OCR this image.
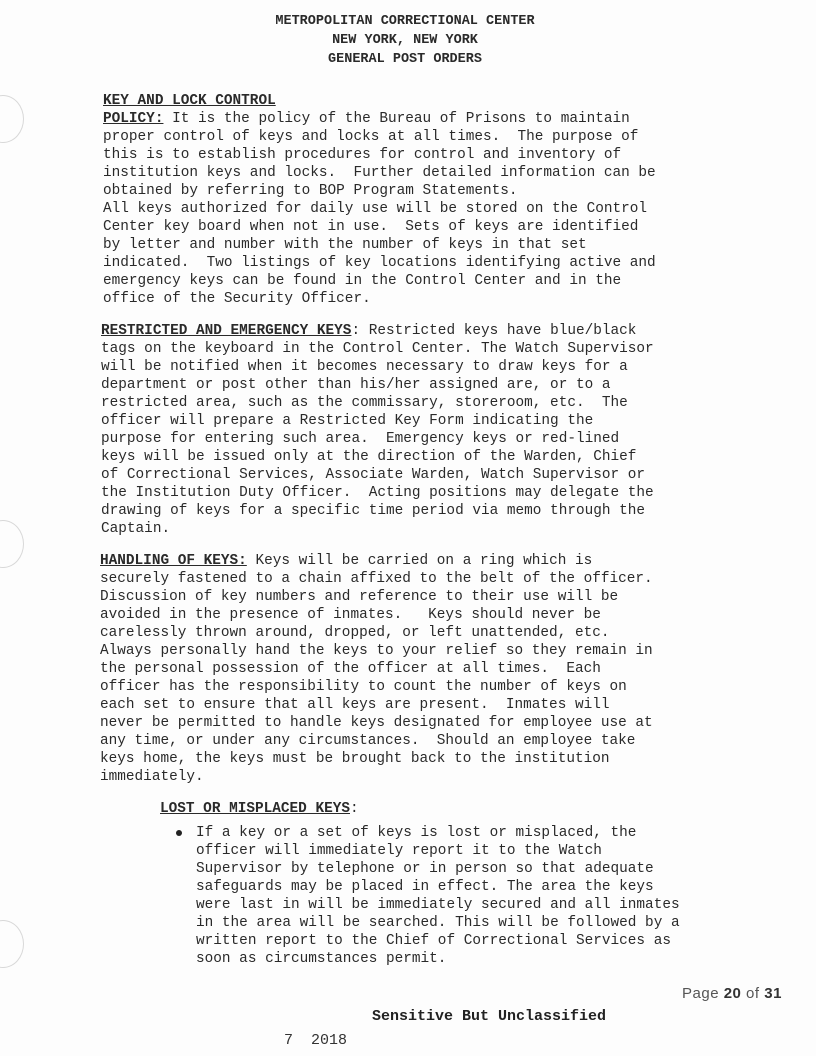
METROPOLITAN CORRECTIONAL CENTER
NEW YORK, NEW YORK
GENERAL POST ORDERS
KEY AND LOCK CONTROL
POLICY: It is the policy of the Bureau of Prisons to maintain
proper control of keys and locks at all times.  The purpose of
this is to establish procedures for control and inventory of
institution keys and locks.  Further detailed information can be
obtained by referring to BOP Program Statements.
All keys authorized for daily use will be stored on the Control
Center key board when not in use.  Sets of keys are identified
by letter and number with the number of keys in that set
indicated.  Two listings of key locations identifying active and
emergency keys can be found in the Control Center and in the
office of the Security Officer.
RESTRICTED AND EMERGENCY KEYS: Restricted keys have blue/black
tags on the keyboard in the Control Center. The Watch Supervisor
will be notified when it becomes necessary to draw keys for a
department or post other than his/her assigned are, or to a
restricted area, such as the commissary, storeroom, etc.  The
officer will prepare a Restricted Key Form indicating the
purpose for entering such area.  Emergency keys or red-lined
keys will be issued only at the direction of the Warden, Chief
of Correctional Services, Associate Warden, Watch Supervisor or
the Institution Duty Officer.  Acting positions may delegate the
drawing of keys for a specific time period via memo through the
Captain.
HANDLING OF KEYS: Keys will be carried on a ring which is
securely fastened to a chain affixed to the belt of the officer.
Discussion of key numbers and reference to their use will be
avoided in the presence of inmates.   Keys should never be
carelessly thrown around, dropped, or left unattended, etc.
Always personally hand the keys to your relief so they remain in
the personal possession of the officer at all times.  Each
officer has the responsibility to count the number of keys on
each set to ensure that all keys are present.  Inmates will
never be permitted to handle keys designated for employee use at
any time, or under any circumstances.  Should an employee take
keys home, the keys must be brought back to the institution
immediately.
LOST OR MISPLACED KEYS:
If a key or a set of keys is lost or misplaced, the
officer will immediately report it to the Watch
Supervisor by telephone or in person so that adequate
safeguards may be placed in effect. The area the keys
were last in will be immediately secured and all inmates
in the area will be searched. This will be followed by a
written report to the Chief of Correctional Services as
soon as circumstances permit.
Page 20 of 31
Sensitive But Unclassified
7  2018
